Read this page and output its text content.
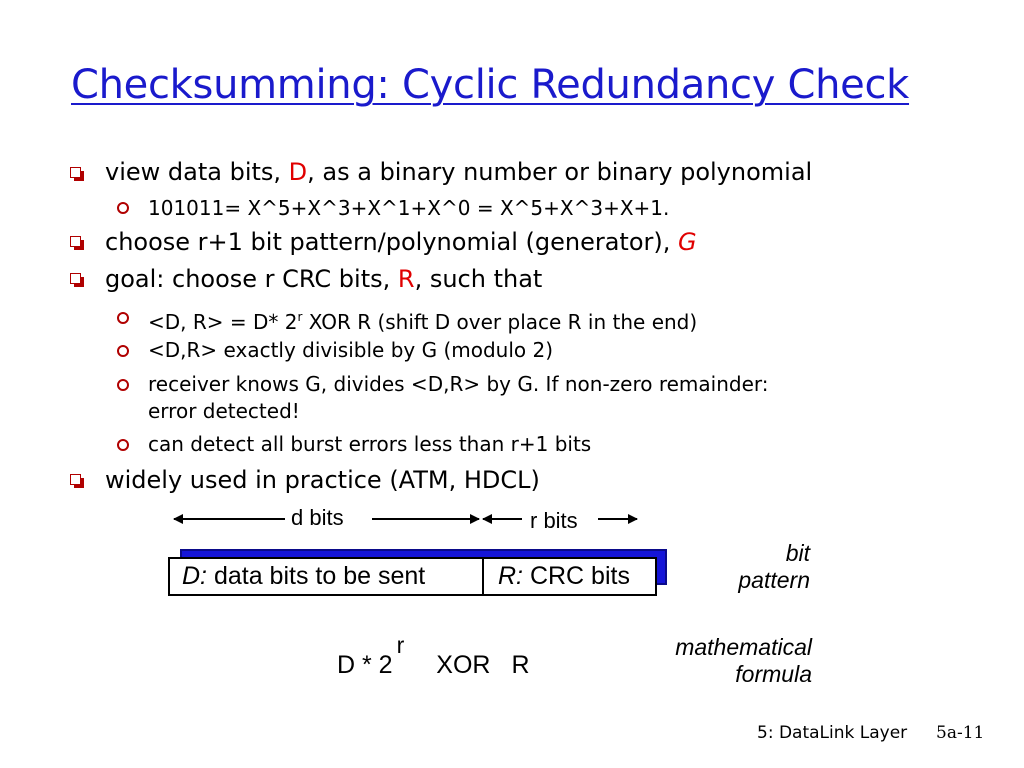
Checksumming: Cyclic Redundancy Check
view data bits, D, as a binary number or binary polynomial
101011= X^5+X^3+X^1+X^0 = X^5+X^3+X+1.
choose r+1 bit pattern/polynomial (generator), G
goal: choose r CRC bits, R, such that
<D, R> = D* 2$^r$ XOR R (shift D over place R in the end)
<D,R> exactly divisible by G (modulo 2)
receiver knows G, divides <D,R> by G. If non-zero remainder:
error detected!
can detect all burst errors less than r+1 bits
widely used in practice (ATM, HDCL)
d bits	r bits
D: data bits to be sent	R: CRC bits
bit
pattern
D * 2rXOR R
mathematical
formula
5: DataLink Layer 5a-11
